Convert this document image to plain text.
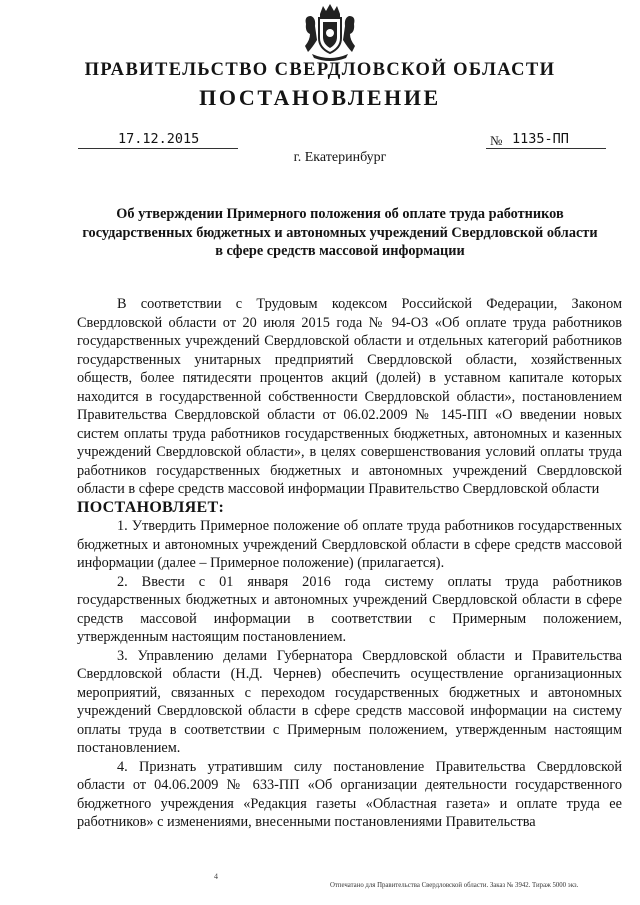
ПРАВИТЕЛЬСТВО СВЕРДЛОВСКОЙ ОБЛАСТИ
ПОСТАНОВЛЕНИЕ
17.12.2015	№ 1135-ПП
г. Екатеринбург
Об утверждении Примерного положения об оплате труда работников государственных бюджетных и автономных учреждений Свердловской области в сфере средств массовой информации

В соответствии с Трудовым кодексом Российской Федерации, Законом Свердловской области от 20 июля 2015 года № 94-ОЗ «Об оплате труда работников государственных учреждений Свердловской области и отдельных категорий работников государственных унитарных предприятий Свердловской области, хозяйственных обществ, более пятидесяти процентов акций (долей) в уставном капитале которых находится в государственной собственности Свердловской области», постановлением Правительства Свердловской области от 06.02.2009 № 145-ПП «О введении новых систем оплаты труда работников государственных бюджетных, автономных и казенных учреждений Свердловской области», в целях совершенствования условий оплаты труда работников государственных бюджетных и автономных учреждений Свердловской области в сфере средств массовой информации Правительство Свердловской области

ПОСТАНОВЛЯЕТ:

1. Утвердить Примерное положение об оплате труда работников государственных бюджетных и автономных учреждений Свердловской области в сфере средств массовой информации (далее – Примерное положение) (прилагается).

2. Ввести с 01 января 2016 года систему оплаты труда работников государственных бюджетных и автономных учреждений Свердловской области в сфере средств массовой информации в соответствии с Примерным положением, утвержденным настоящим постановлением.

3. Управлению делами Губернатора Свердловской области и Правительства Свердловской области (Н.Д. Чернев) обеспечить осуществление организационных мероприятий, связанных с переходом государственных бюджетных и автономных учреждений Свердловской области в сфере средств массовой информации на систему оплаты труда в соответствии с Примерным положением, утвержденным настоящим постановлением.

4. Признать утратившим силу постановление Правительства Свердловской области от 04.06.2009 № 633-ПП «Об организации деятельности государственного бюджетного учреждения «Редакция газеты «Областная газета» и оплате труда ее работников» с изменениями, внесенными постановлениями Правительства

4
Отпечатано для Правительства Свердловской области. Заказ № 3942. Тираж 5000 экз.
